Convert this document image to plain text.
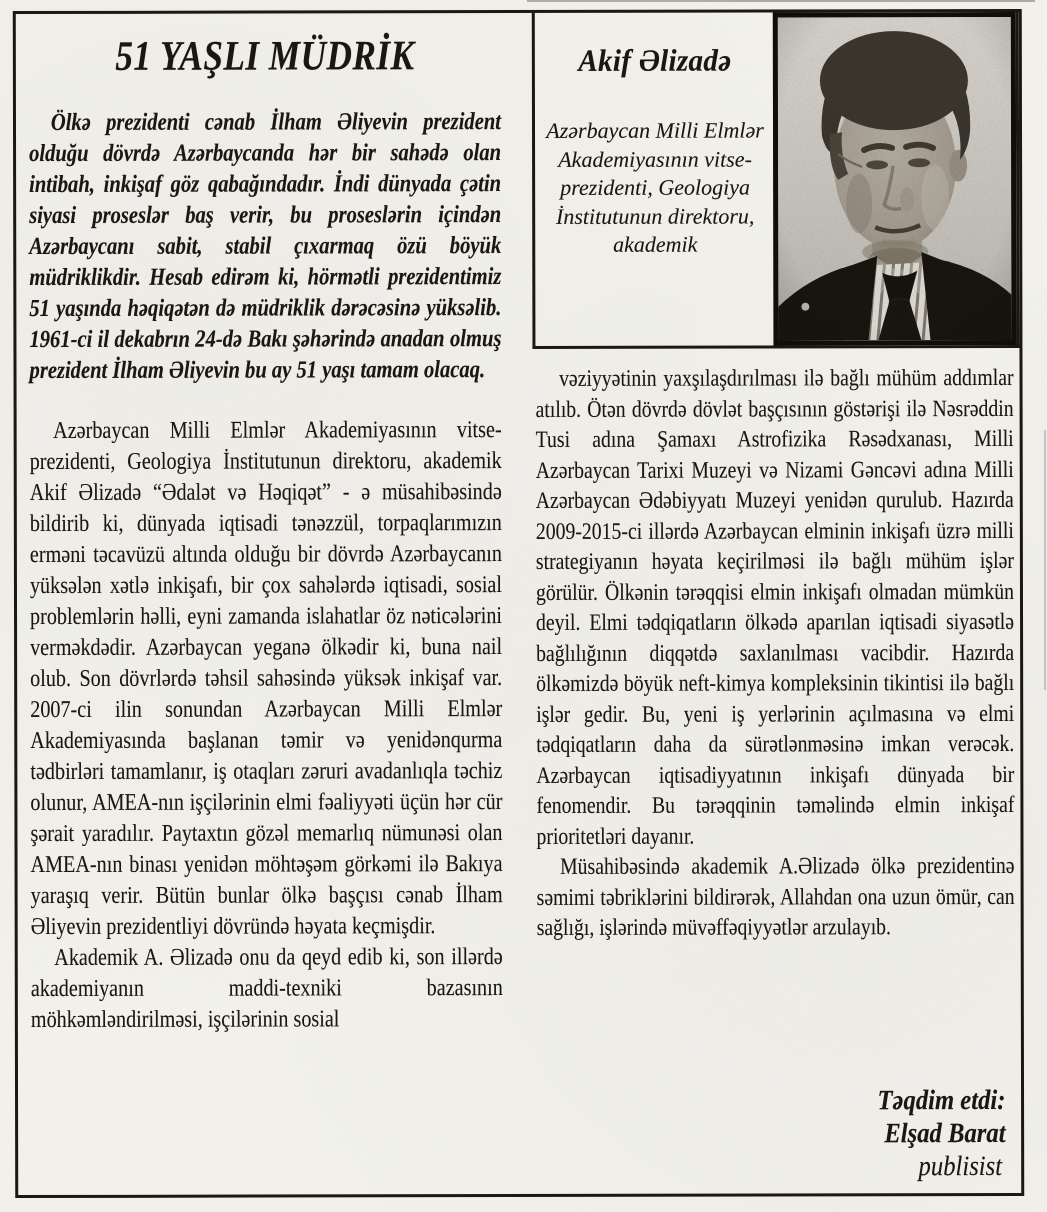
51 YAŞLI MÜDRİK

Ölkə prezidenti cənab İlham Əliyevin prezident olduğu dövrdə Azərbaycanda hər bir sahədə olan intibah, inkişaf göz qabağındadır. İndi dünyada çətin siyasi proseslər baş verir, bu proseslərin içindən Azərbaycanı sabit, stabil çıxarmaq özü böyük müdriklikdir. Hesab edirəm ki, hörmətli prezidentimiz 51 yaşında həqiqətən də müdriklik dərəcəsinə yüksəlib. 1961-ci il dekabrın 24-də Bakı şəhərində anadan olmuş prezident İlham Əliyevin bu ay 51 yaşı tamam olacaq.

Azərbaycan Milli Elmlər Akademiyasının vitse-prezidenti, Geologiya İnstitutunun direktoru, akademik Akif Əlizadə “Ədalət və Həqiqət” - ə müsahibəsində bildirib ki, dünyada iqtisadi tənəzzül, torpaqlarımızın erməni təcavüzü altında olduğu bir dövrdə Azərbaycanın yüksələn xətlə inkişafı, bir çox sahələrdə iqtisadi, sosial problemlərin həlli, eyni zamanda islahatlar öz nəticələrini verməkdədir. Azərbaycan yeganə ölkədir ki, buna nail olub. Son dövrlərdə təhsil sahəsində yüksək inkişaf var. 2007-ci ilin sonundan Azərbaycan Milli Elmlər Akademiyasında başlanan təmir və yenidənqurma tədbirləri tamamlanır, iş otaqları zəruri avadanlıqla təchiz olunur, AMEA-nın işçilərinin elmi fəaliyyəti üçün hər cür şərait yaradılır. Paytaxtın gözəl memarlıq nümunəsi olan AMEA-nın binası yenidən möhtəşəm görkəmi ilə Bakıya yaraşıq verir. Bütün bunlar ölkə başçısı cənab İlham Əliyevin prezidentliyi dövründə həyata keçmişdir.

Akademik A. Əlizadə onu da qeyd edib ki, son illərdə akademiyanın maddi-texniki bazasının möhkəmləndirilməsi, işçilərinin sosial

Akif Əlizadə
Azərbaycan Milli Elmlər Akademiyasının vitse-prezidenti, Geologiya İnstitutunun direktoru, akademik

vəziyyətinin yaxşılaşdırılması ilə bağlı mühüm addımlar atılıb. Ötən dövrdə dövlət başçısının göstərişi ilə Nəsrəddin Tusi adına Şamaxı Astrofizika Rəsədxanası, Milli Azərbaycan Tarixi Muzeyi və Nizami Gəncəvi adına Milli Azərbaycan Ədəbiyyatı Muzeyi yenidən qurulub. Hazırda 2009-2015-ci illərdə Azərbaycan elminin inkişafı üzrə milli strategiyanın həyata keçirilməsi ilə bağlı mühüm işlər görülür. Ölkənin tərəqqisi elmin inkişafı olmadan mümkün deyil. Elmi tədqiqatların ölkədə aparılan iqtisadi siyasətlə bağlılığının diqqətdə saxlanılması vacibdir. Hazırda ölkəmizdə böyük neft-kimya kompleksinin tikintisi ilə bağlı işlər gedir. Bu, yeni iş yerlərinin açılmasına və elmi tədqiqatların daha da sürətlənməsinə imkan verəcək. Azərbaycan iqtisadiyyatının inkişafı dünyada bir fenomendir. Bu tərəqqinin təməlində elmin inkişaf prioritetləri dayanır.

Müsahibəsində akademik A.Əlizadə ölkə prezidentinə səmimi təbriklərini bildirərək, Allahdan ona uzun ömür, can sağlığı, işlərində müvəffəqiyyətlər arzulayıb.

Təqdim etdi:
Elşad Barat
publisist
